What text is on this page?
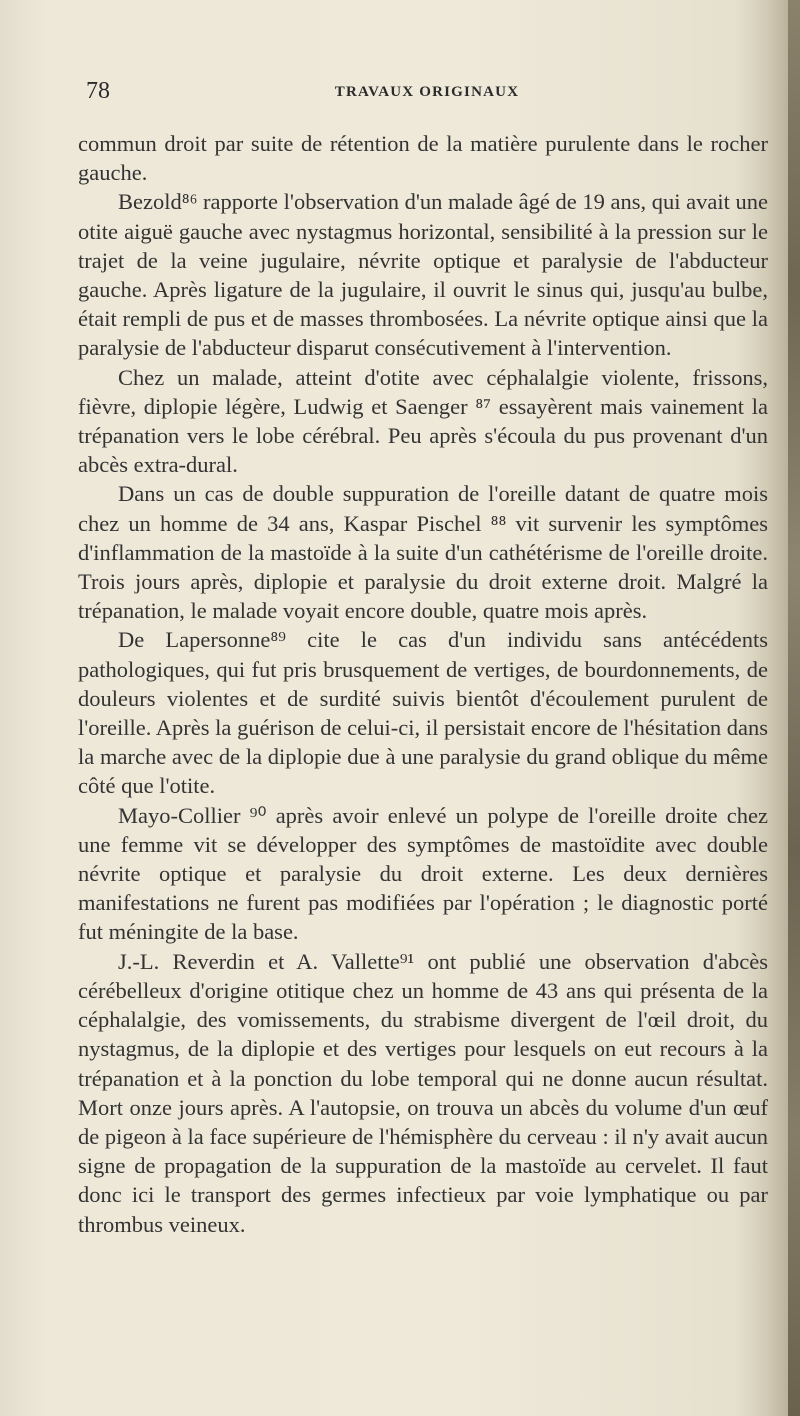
78	TRAVAUX ORIGINAUX

commun droit par suite de rétention de la matière purulente dans le rocher gauche.

Bezold⁸⁶ rapporte l'observation d'un malade âgé de 19 ans, qui avait une otite aiguë gauche avec nystagmus horizontal, sensibilité à la pression sur le trajet de la veine jugulaire, névrite optique et paralysie de l'abducteur gauche. Après ligature de la jugulaire, il ouvrit le sinus qui, jusqu'au bulbe, était rempli de pus et de masses thrombosées. La névrite optique ainsi que la paralysie de l'abducteur disparut consécutivement à l'intervention.

Chez un malade, atteint d'otite avec céphalalgie violente, frissons, fièvre, diplopie légère, Ludwig et Saenger ⁸⁷ essayèrent mais vainement la trépanation vers le lobe cérébral. Peu après s'écoula du pus provenant d'un abcès extra-dural.

Dans un cas de double suppuration de l'oreille datant de quatre mois chez un homme de 34 ans, Kaspar Pischel ⁸⁸ vit survenir les symptômes d'inflammation de la mastoïde à la suite d'un cathétérisme de l'oreille droite. Trois jours après, diplopie et paralysie du droit externe droit. Malgré la trépanation, le malade voyait encore double, quatre mois après.

De Lapersonne⁸⁹ cite le cas d'un individu sans antécédents pathologiques, qui fut pris brusquement de vertiges, de bourdonnements, de douleurs violentes et de surdité suivis bientôt d'écoulement purulent de l'oreille. Après la guérison de celui-ci, il persistait encore de l'hésitation dans la marche avec de la diplopie due à une paralysie du grand oblique du même côté que l'otite.

Mayo-Collier ⁹⁰ après avoir enlevé un polype de l'oreille droite chez une femme vit se développer des symptômes de mastoïdite avec double névrite optique et paralysie du droit externe. Les deux dernières manifestations ne furent pas modifiées par l'opération ; le diagnostic porté fut méningite de la base.

J.-L. Reverdin et A. Vallette⁹¹ ont publié une observation d'abcès cérébelleux d'origine otitique chez un homme de 43 ans qui présenta de la céphalalgie, des vomissements, du strabisme divergent de l'œil droit, du nystagmus, de la diplopie et des vertiges pour lesquels on eut recours à la trépanation et à la ponction du lobe temporal qui ne donne aucun résultat. Mort onze jours après. A l'autopsie, on trouva un abcès du volume d'un œuf de pigeon à la face supérieure de l'hémisphère du cerveau : il n'y avait aucun signe de propagation de la suppuration de la mastoïde au cervelet. Il faut donc ici le transport des germes infectieux par voie lymphatique ou par thrombus veineux.
